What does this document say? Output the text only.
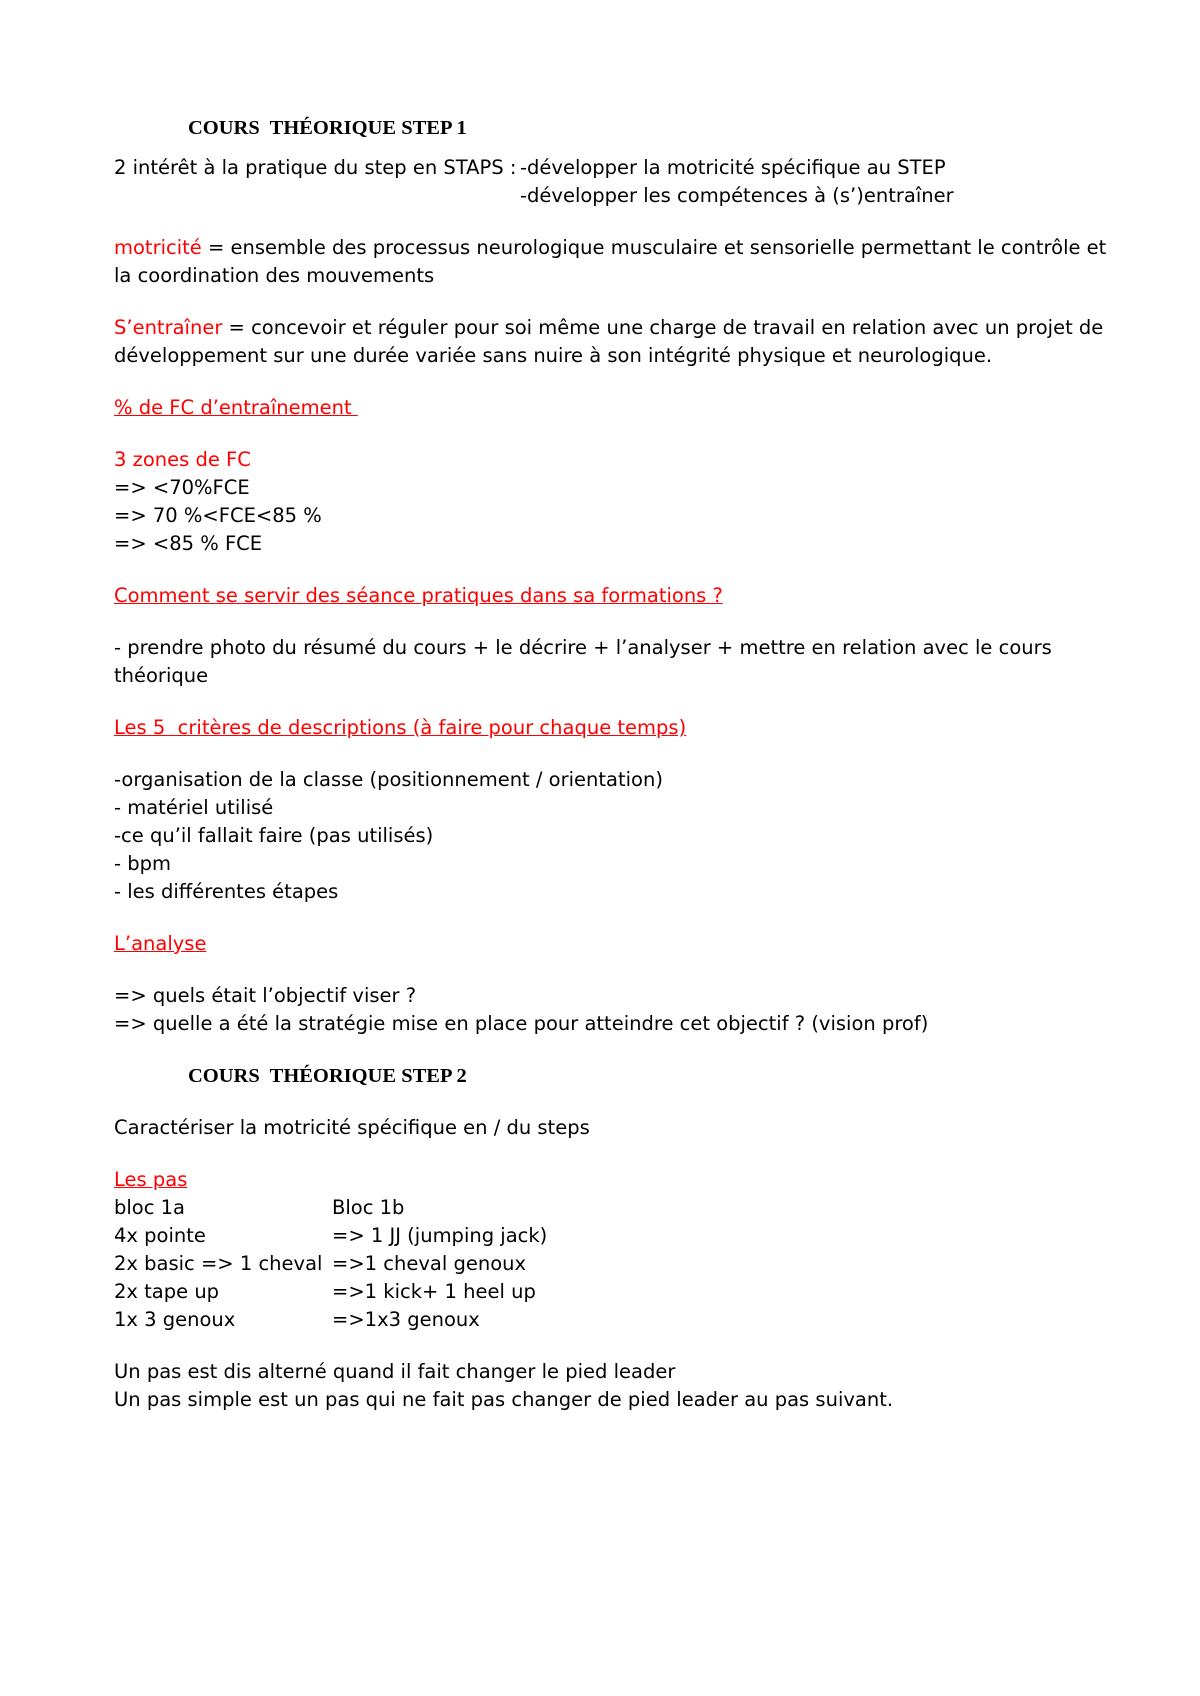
COURS  THÉORIQUE STEP 1
2 intérêt à la pratique du step en STAPS : -développer la motricité spécifique au STEP
-développer les compétences à (s’)entraîner
motricité = ensemble des processus neurologique musculaire et sensorielle permettant le contrôle et
la coordination des mouvements
S’entraîner = concevoir et réguler pour soi même une charge de travail en relation avec un projet de
développement sur une durée variée sans nuire à son intégrité physique et neurologique.
% de FC d’entraînement
3 zones de FC
=> <70%FCE
=> 70 %<FCE<85 %
=> <85 % FCE
Comment se servir des séance pratiques dans sa formations ?
- prendre photo du résumé du cours + le décrire + l’analyser + mettre en relation avec le cours
théorique
Les 5  critères de descriptions (à faire pour chaque temps)
-organisation de la classe (positionnement / orientation)
- matériel utilisé
-ce qu’il fallait faire (pas utilisés)
- bpm
- les différentes étapes
L’analyse
=> quels était l’objectif viser ?
=> quelle a été la stratégie mise en place pour atteindre cet objectif ? (vision prof)
COURS  THÉORIQUE STEP 2
Caractériser la motricité spécifique en / du steps
Les pas
bloc 1a	Bloc 1b
4x pointe	=> 1 JJ (jumping jack)
2x basic => 1 cheval =>1 cheval genoux
2x tape up	=>1 kick+ 1 heel up
1x 3 genoux	=>1x3 genoux
Un pas est dis alterné quand il fait changer le pied leader
Un pas simple est un pas qui ne fait pas changer de pied leader au pas suivant.
